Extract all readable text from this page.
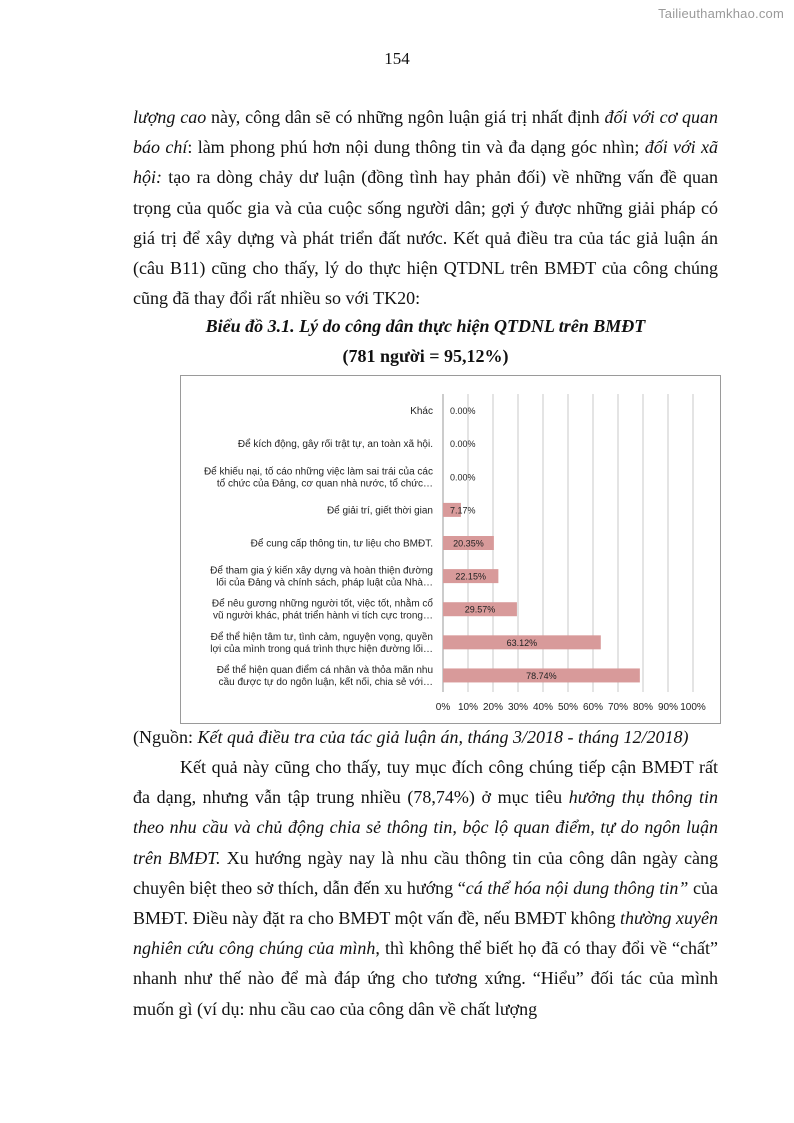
Tailieuthamkhao.com
154

lượng cao này, công dân sẽ có những ngôn luận giá trị nhất định đối với cơ quan báo chí: làm phong phú hơn nội dung thông tin và đa dạng góc nhìn; đối với xã hội: tạo ra dòng chảy dư luận (đồng tình hay phản đối) về những vấn đề quan trọng của quốc gia và của cuộc sống người dân; gợi ý được những giải pháp có giá trị để xây dựng và phát triển đất nước. Kết quả điều tra của tác giả luận án (câu B11) cũng cho thấy, lý do thực hiện QTDNL trên BMĐT của công chúng cũng đã thay đổi rất nhiều so với TK20:

Biểu đồ 3.1. Lý do công dân thực hiện QTDNL trên BMĐT
(781 người = 95,12%)
0% 10% 20% 30% 40% 50% 60% 70% 80% 90% 100%
Khác 0.00%
Để kích động, gây rối trật tự, an toàn xã hội. 0.00%
Để khiếu nại, tố cáo những việc làm sai trái của các tổ chức của Đảng, cơ quan nhà nước, tổ chức…
0.00%
Để giải trí, giết thời gian 7.17%
Để cung cấp thông tin, tư liệu cho BMĐT. 20.35%
Để tham gia ý kiến xây dựng và hoàn thiện đường lối của Đảng và chính sách, pháp luật của Nhà…
22.15%
Để nêu gương những người tốt, việc tốt, nhằm cổ vũ người khác, phát triển hành vi tích cực trong…
29.57%
Để thể hiện tâm tư, tình cảm, nguyện vọng, quyền lợi của mình trong quá trình thực hiện đường lối…
63.12%
Để thể hiện quan điểm cá nhân và thỏa mãn nhu cầu được tự do ngôn luận, kết nối, chia sẻ với…
78.74%
(Nguồn: Kết quả điều tra của tác giả luận án, tháng 3/2018 - tháng 12/2018)

Kết quả này cũng cho thấy, tuy mục đích công chúng tiếp cận BMĐT rất đa dạng, nhưng vẫn tập trung nhiều (78,74%) ở mục tiêu hưởng thụ thông tin theo nhu cầu và chủ động chia sẻ thông tin, bộc lộ quan điểm, tự do ngôn luận trên BMĐT. Xu hướng ngày nay là nhu cầu thông tin của công dân ngày càng chuyên biệt theo sở thích, dẫn đến xu hướng “cá thể hóa nội dung thông tin” của BMĐT. Điều này đặt ra cho BMĐT một vấn đề, nếu BMĐT không thường xuyên nghiên cứu công chúng của mình, thì không thể biết họ đã có thay đổi về “chất” nhanh như thế nào để mà đáp ứng cho tương xứng. “Hiểu” đối tác của mình muốn gì (ví dụ: nhu cầu cao của công dân về chất lượng
